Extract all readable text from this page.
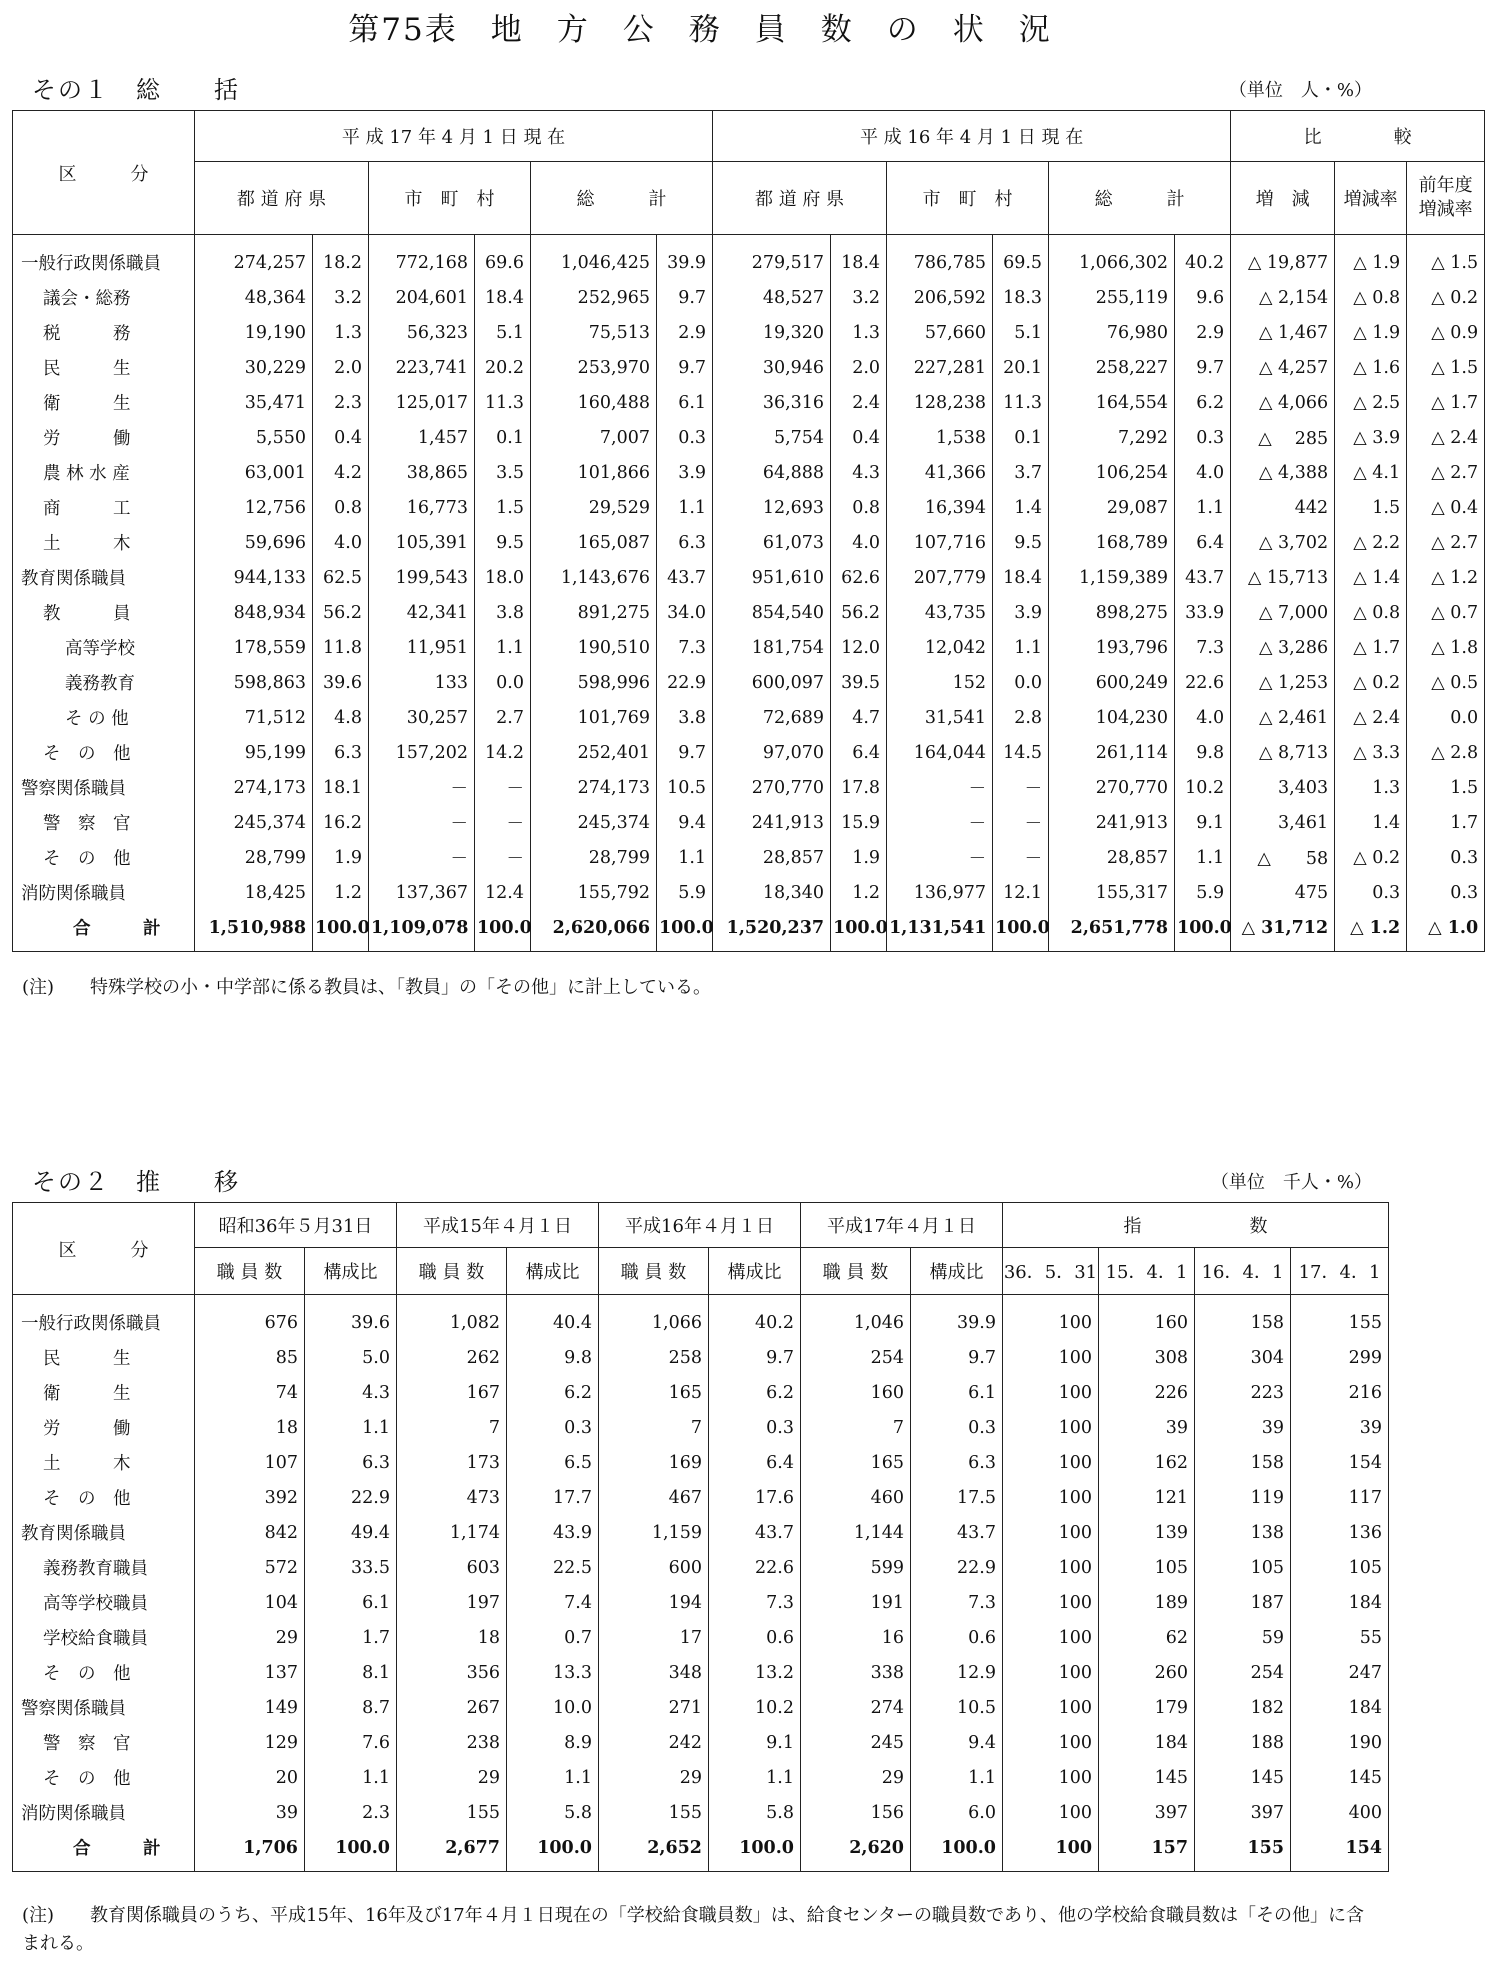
第75表　地　方　公　務　員　数　の　状　況
その１　総　　括	（単位　人・%）
区　　　分	平 成 17 年 4 月 1 日 現 在						平 成 16 年 4 月 1 日 現 在						比　　　　較		
	都 道 府 県		市　町　村		総　　　計		都 道 府 県		市　町　村		総　　　計		増　減	増減率	前年度
増減率
一般行政関係職員	274,257	18.2	772,168	69.6	1,046,425	39.9	279,517	18.4	786,785	69.5	1,066,302	40.2	△ 19,877	△ 1.9	△ 1.5
議会・総務	48,364	3.2	204,601	18.4	252,965	9.7	48,527	3.2	206,592	18.3	255,119	9.6	△ 2,154	△ 0.8	△ 0.2
税　　　務	19,190	1.3	56,323	5.1	75,513	2.9	19,320	1.3	57,660	5.1	76,980	2.9	△ 1,467	△ 1.9	△ 0.9
民　　　生	30,229	2.0	223,741	20.2	253,970	9.7	30,946	2.0	227,281	20.1	258,227	9.7	△ 4,257	△ 1.6	△ 1.5
衛　　　生	35,471	2.3	125,017	11.3	160,488	6.1	36,316	2.4	128,238	11.3	164,554	6.2	△ 4,066	△ 2.5	△ 1.7
労　　　働	5,550	0.4	1,457	0.1	7,007	0.3	5,754	0.4	1,538	0.1	7,292	0.3	△　 285	△ 3.9	△ 2.4
農 林 水 産	63,001	4.2	38,865	3.5	101,866	3.9	64,888	4.3	41,366	3.7	106,254	4.0	△ 4,388	△ 4.1	△ 2.7
商　　　工	12,756	0.8	16,773	1.5	29,529	1.1	12,693	0.8	16,394	1.4	29,087	1.1	442	1.5	△ 0.4
土　　　木	59,696	4.0	105,391	9.5	165,087	6.3	61,073	4.0	107,716	9.5	168,789	6.4	△ 3,702	△ 2.2	△ 2.7
教育関係職員	944,133	62.5	199,543	18.0	1,143,676	43.7	951,610	62.6	207,779	18.4	1,159,389	43.7	△ 15,713	△ 1.4	△ 1.2
教　　　員	848,934	56.2	42,341	3.8	891,275	34.0	854,540	56.2	43,735	3.9	898,275	33.9	△ 7,000	△ 0.8	△ 0.7
高等学校	178,559	11.8	11,951	1.1	190,510	7.3	181,754	12.0	12,042	1.1	193,796	7.3	△ 3,286	△ 1.7	△ 1.8
義務教育	598,863	39.6	133	0.0	598,996	22.9	600,097	39.5	152	0.0	600,249	22.6	△ 1,253	△ 0.2	△ 0.5
そ の 他	71,512	4.8	30,257	2.7	101,769	3.8	72,689	4.7	31,541	2.8	104,230	4.0	△ 2,461	△ 2.4	0.0
そ　の　他	95,199	6.3	157,202	14.2	252,401	9.7	97,070	6.4	164,044	14.5	261,114	9.8	△ 8,713	△ 3.3	△ 2.8
警察関係職員	274,173	18.1	－	－	274,173	10.5	270,770	17.8	－	－	270,770	10.2	3,403	1.3	1.5
警　察　官	245,374	16.2	－	－	245,374	9.4	241,913	15.9	－	－	241,913	9.1	3,461	1.4	1.7
そ　の　他	28,799	1.9	－	－	28,799	1.1	28,857	1.9	－	－	28,857	1.1	△　　58	△ 0.2	0.3
消防関係職員	18,425	1.2	137,367	12.4	155,792	5.9	18,340	1.2	136,977	12.1	155,317	5.9	475	0.3	0.3
合　　　計	1,510,988	100.0	1,109,078	100.0	2,620,066	100.0	1,520,237	100.0	1,131,541	100.0	2,651,778	100.0	△ 31,712	△ 1.2	△ 1.0
(注)　　特殊学校の小・中学部に係る教員は、「教員」の「その他」に計上している。
その２　推　　移	（単位　千人・%）
区　　　分	昭和36年５月31日		平成15年４月１日		平成16年４月１日		平成17年４月１日		指　　　　　　数			
	職 員 数	構成比	職 員 数	構成比	職 員 数	構成比	職 員 数	構成比	36．5．31	15．4．1	16．4．1	17．4．1
一般行政関係職員	676	39.6	1,082	40.4	1,066	40.2	1,046	39.9	100	160	158	155
民　　　生	85	5.0	262	9.8	258	9.7	254	9.7	100	308	304	299
衛　　　生	74	4.3	167	6.2	165	6.2	160	6.1	100	226	223	216
労　　　働	18	1.1	7	0.3	7	0.3	7	0.3	100	39	39	39
土　　　木	107	6.3	173	6.5	169	6.4	165	6.3	100	162	158	154
そ　の　他	392	22.9	473	17.7	467	17.6	460	17.5	100	121	119	117
教育関係職員	842	49.4	1,174	43.9	1,159	43.7	1,144	43.7	100	139	138	136
義務教育職員	572	33.5	603	22.5	600	22.6	599	22.9	100	105	105	105
高等学校職員	104	6.1	197	7.4	194	7.3	191	7.3	100	189	187	184
学校給食職員	29	1.7	18	0.7	17	0.6	16	0.6	100	62	59	55
そ　の　他	137	8.1	356	13.3	348	13.2	338	12.9	100	260	254	247
警察関係職員	149	8.7	267	10.0	271	10.2	274	10.5	100	179	182	184
警　察　官	129	7.6	238	8.9	242	9.1	245	9.4	100	184	188	190
そ　の　他	20	1.1	29	1.1	29	1.1	29	1.1	100	145	145	145
消防関係職員	39	2.3	155	5.8	155	5.8	156	6.0	100	397	397	400
合　　　計	1,706	100.0	2,677	100.0	2,652	100.0	2,620	100.0	100	157	155	154
(注)　　教育関係職員のうち、平成15年、16年及び17年４月１日現在の「学校給食職員数」は、給食センターの職員数であり、他の学校給食職員数は「その他」に含まれる。
